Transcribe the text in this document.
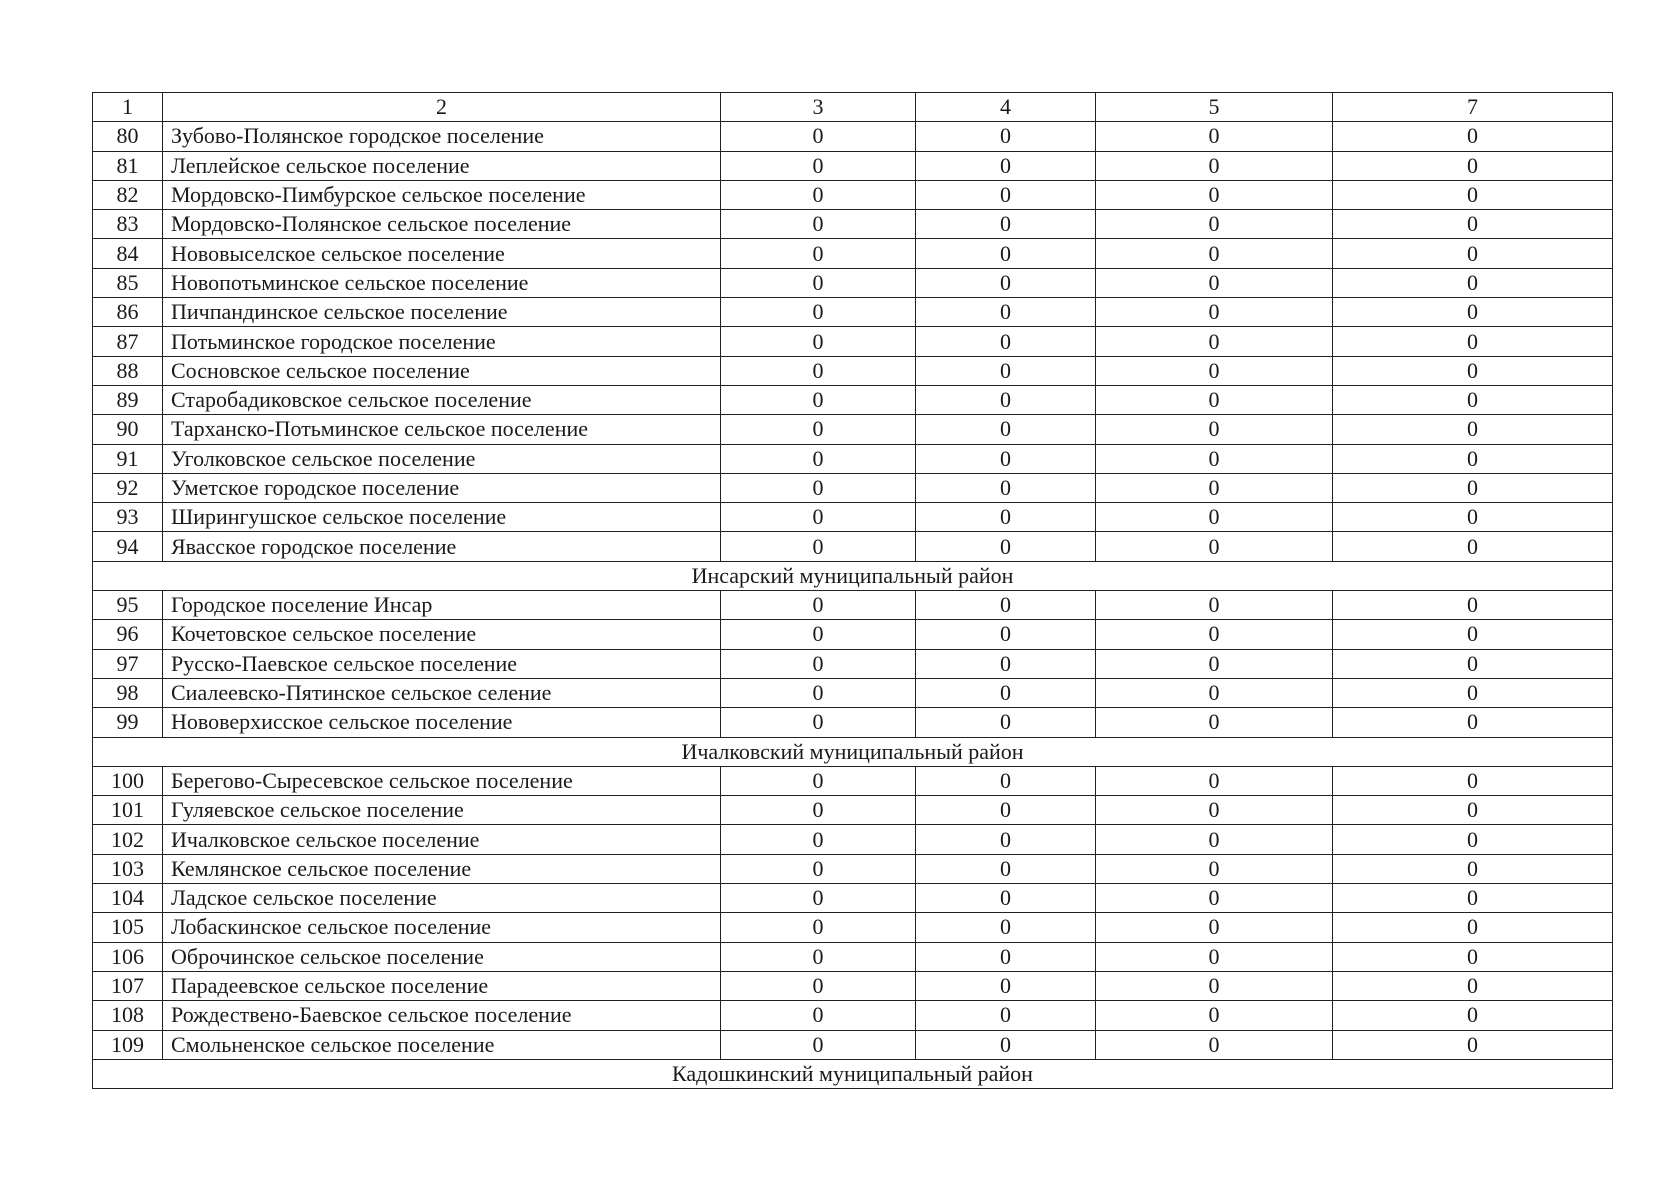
1	2	3	4	5	7
80	Зубово-Полянское городское поселение	0	0	0	0
81	Леплейское сельское поселение	0	0	0	0
82	Мордовско-Пимбурское сельское поселение	0	0	0	0
83	Мордовско-Полянское сельское поселение	0	0	0	0
84	Нововыселское сельское поселение	0	0	0	0
85	Новопотьминское сельское поселение	0	0	0	0
86	Пичпандинское сельское поселение	0	0	0	0
87	Потьминское городское поселение	0	0	0	0
88	Сосновское сельское поселение	0	0	0	0
89	Старобадиковское сельское поселение	0	0	0	0
90	Тарханско-Потьминское сельское поселение	0	0	0	0
91	Уголковское сельское поселение	0	0	0	0
92	Уметское городское поселение	0	0	0	0
93	Ширингушское сельское поселение	0	0	0	0
94	Явасское городское поселение	0	0	0	0
Инсарский муниципальный район					
95	Городское поселение Инсар	0	0	0	0
96	Кочетовское сельское поселение	0	0	0	0
97	Русско-Паевское сельское поселение	0	0	0	0
98	Сиалеевско-Пятинское сельское селение	0	0	0	0
99	Нововерхисское сельское поселение	0	0	0	0
Ичалковский муниципальный район					
100	Берегово-Сыресевское сельское поселение	0	0	0	0
101	Гуляевское сельское поселение	0	0	0	0
102	Ичалковское сельское поселение	0	0	0	0
103	Кемлянское сельское поселение	0	0	0	0
104	Ладское сельское поселение	0	0	0	0
105	Лобаскинское сельское поселение	0	0	0	0
106	Оброчинское сельское поселение	0	0	0	0
107	Парадеевское сельское поселение	0	0	0	0
108	Рождествено-Баевское сельское поселение	0	0	0	0
109	Смольненское сельское поселение	0	0	0	0
Кадошкинский муниципальный район					
